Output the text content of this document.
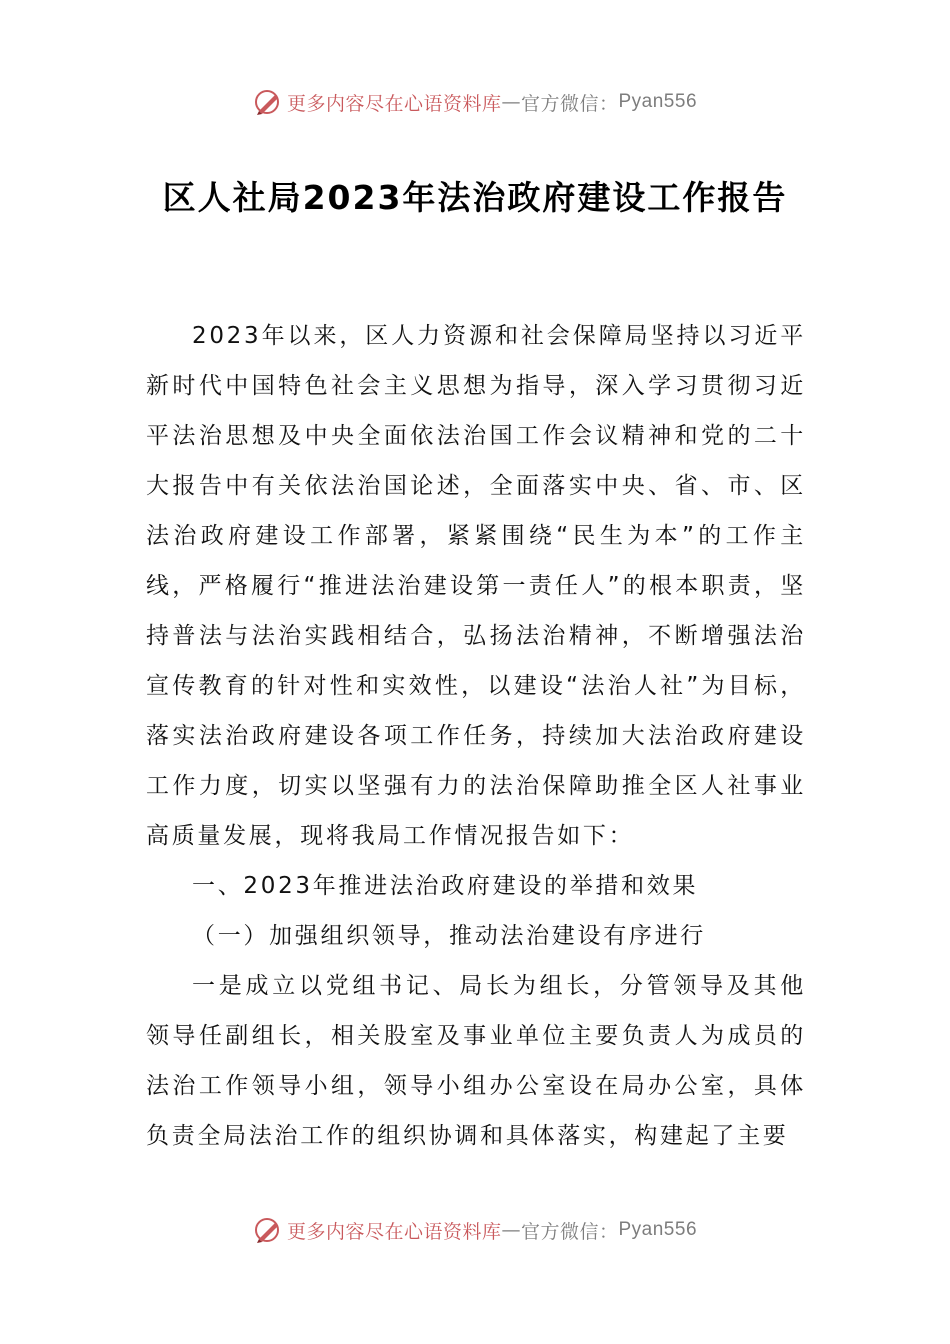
更多内容尽在心语资料库 — 官方微信： Pyan556
区人社局2023年法治政府建设工作报告

2023年以来，区人力资源和社会保障局坚持以习近平新时代中国特色社会主义思想为指导，深入学习贯彻习近平法治思想及中央全面依法治国工作会议精神和党的二十大报告中有关依法治国论述，全面落实中央、省、市、区法治政府建设工作部署，紧紧围绕“民生为本”的工作主线，严格履行“推进法治建设第一责任人”的根本职责，坚持普法与法治实践相结合，弘扬法治精神，不断增强法治宣传教育的针对性和实效性，以建设“法治人社”为目标，落实法治政府建设各项工作任务，持续加大法治政府建设工作力度，切实以坚强有力的法治保障助推全区人社事业高质量发展，现将我局工作情况报告如下：

一、2023年推进法治政府建设的举措和效果

（一）加强组织领导，推动法治建设有序进行

一是成立以党组书记、局长为组长，分管领导及其他领导任副组长，相关股室及事业单位主要负责人为成员的法治工作领导小组，领导小组办公室设在局办公室，具体负责全局法治工作的组织协调和具体落实，构建起了主要

更多内容尽在心语资料库 — 官方微信： Pyan556
